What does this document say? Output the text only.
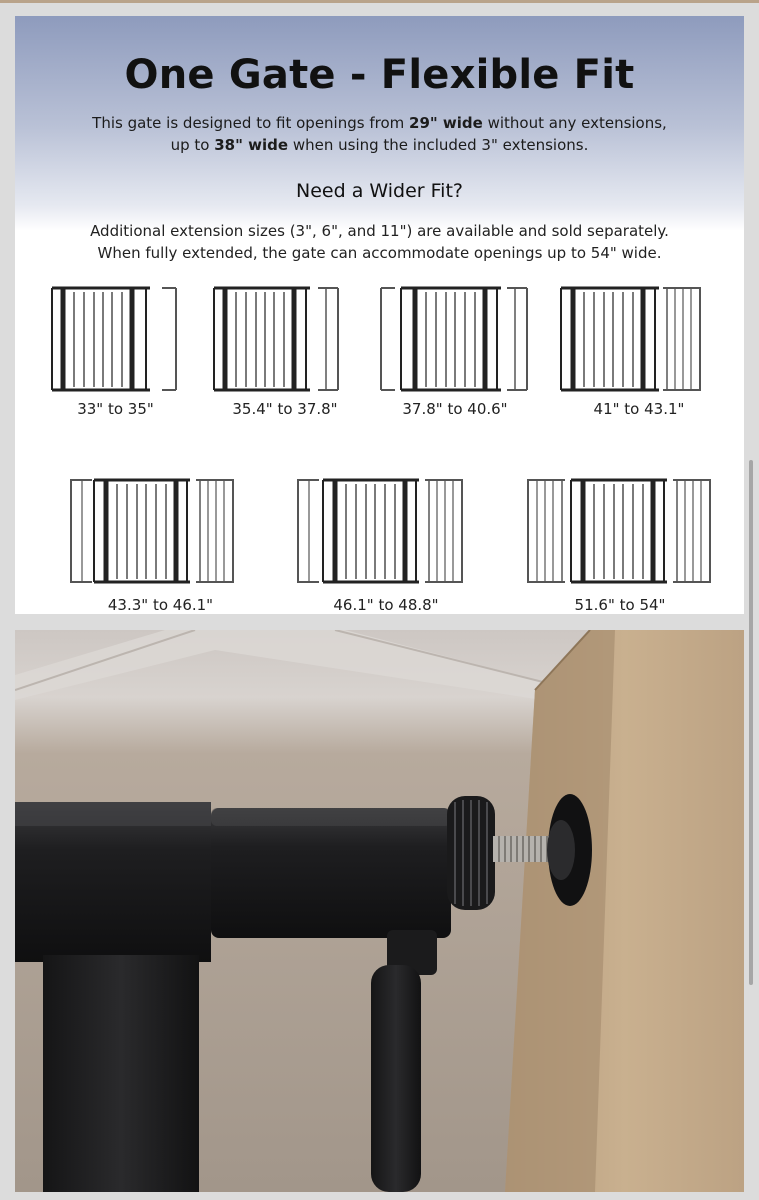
One Gate - Flexible Fit
This gate is designed to fit openings from 29" wide without any extensions,
up to 38" wide when using the included 3" extensions.
Need a Wider Fit?
Additional extension sizes (3", 6", and 11") are available and sold separately.
When fully extended, the gate can accommodate openings up to 54" wide.
33" to 35"	35.4" to 37.8"	37.8" to 40.6"	41" to 43.1"
43.3" to 46.1"	46.1" to 48.8"	51.6" to 54"
